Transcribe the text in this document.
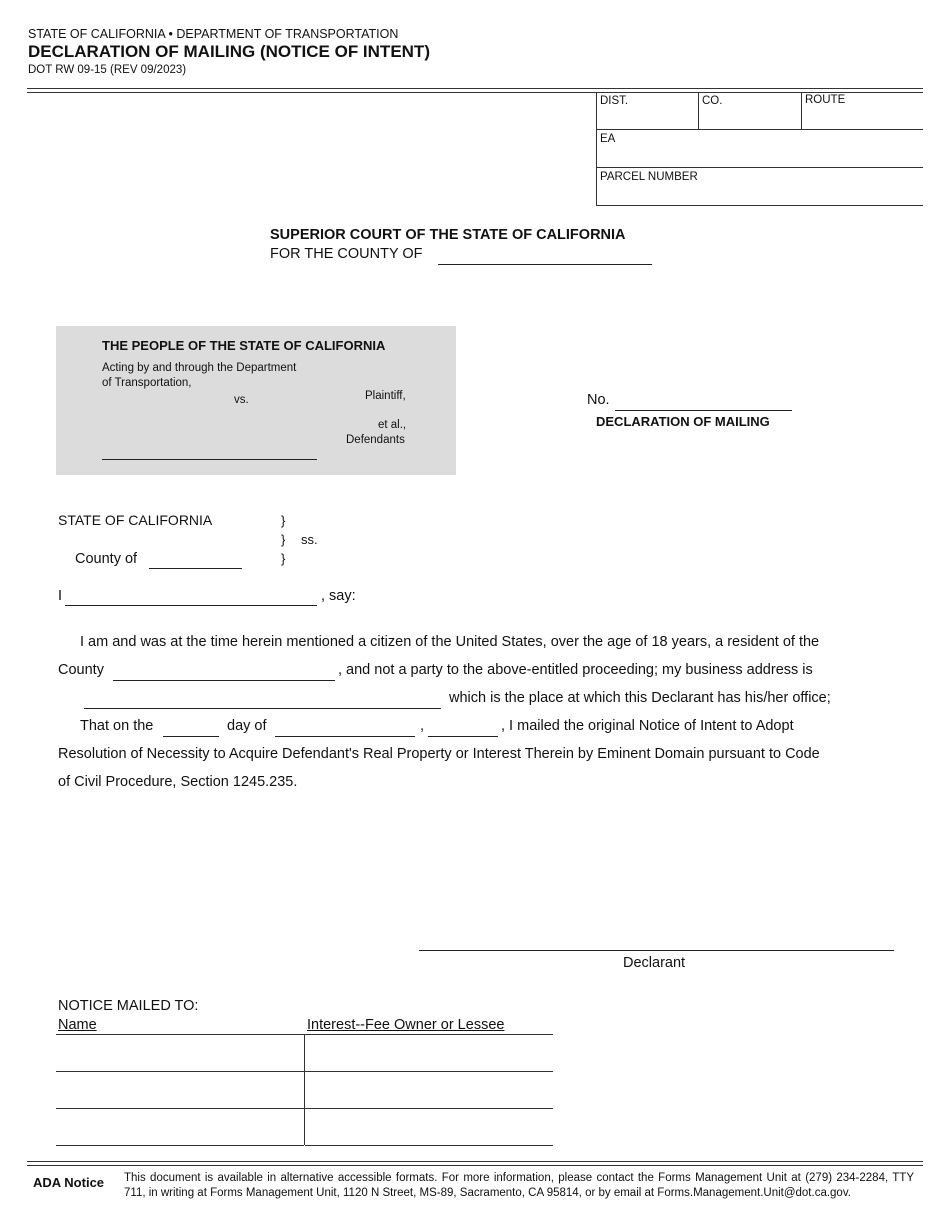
STATE OF CALIFORNIA • DEPARTMENT OF TRANSPORTATION
DECLARATION OF MAILING (NOTICE OF INTENT)
DOT RW 09-15 (REV 09/2023)
DIST.	CO.	ROUTE
EA
PARCEL NUMBER
SUPERIOR COURT OF THE STATE OF CALIFORNIA
FOR THE COUNTY OF
THE PEOPLE OF THE STATE OF CALIFORNIA
Acting by and through the Department
of Transportation,
Plaintiff,
vs.
et al.,
Defendants
No.
DECLARATION OF MAILING
STATE OF CALIFORNIA	}
} ss.
}
County of
I	, say:
I am and was at the time herein mentioned a citizen of the United States, over the age of 18 years, a resident of the
County	, and not a party to the above-entitled proceeding; my business address is
which is the place at which this Declarant has his/her office;
That on the	day of	,	, I mailed the original Notice of Intent to Adopt
Resolution of Necessity to Acquire Defendant's Real Property or Interest Therein by Eminent Domain pursuant to Code
of Civil Procedure, Section 1245.235.
Declarant
NOTICE MAILED TO:
Name	Interest--Fee Owner or Lessee
ADA Notice This document is available in alternative accessible formats. For more information, please contact the Forms Management Unit at (279) 234-2284, TTY 711, in writing at Forms Management Unit, 1120 N Street, MS-89, Sacramento, CA 95814, or by email at Forms.Management.Unit@dot.ca.gov.
